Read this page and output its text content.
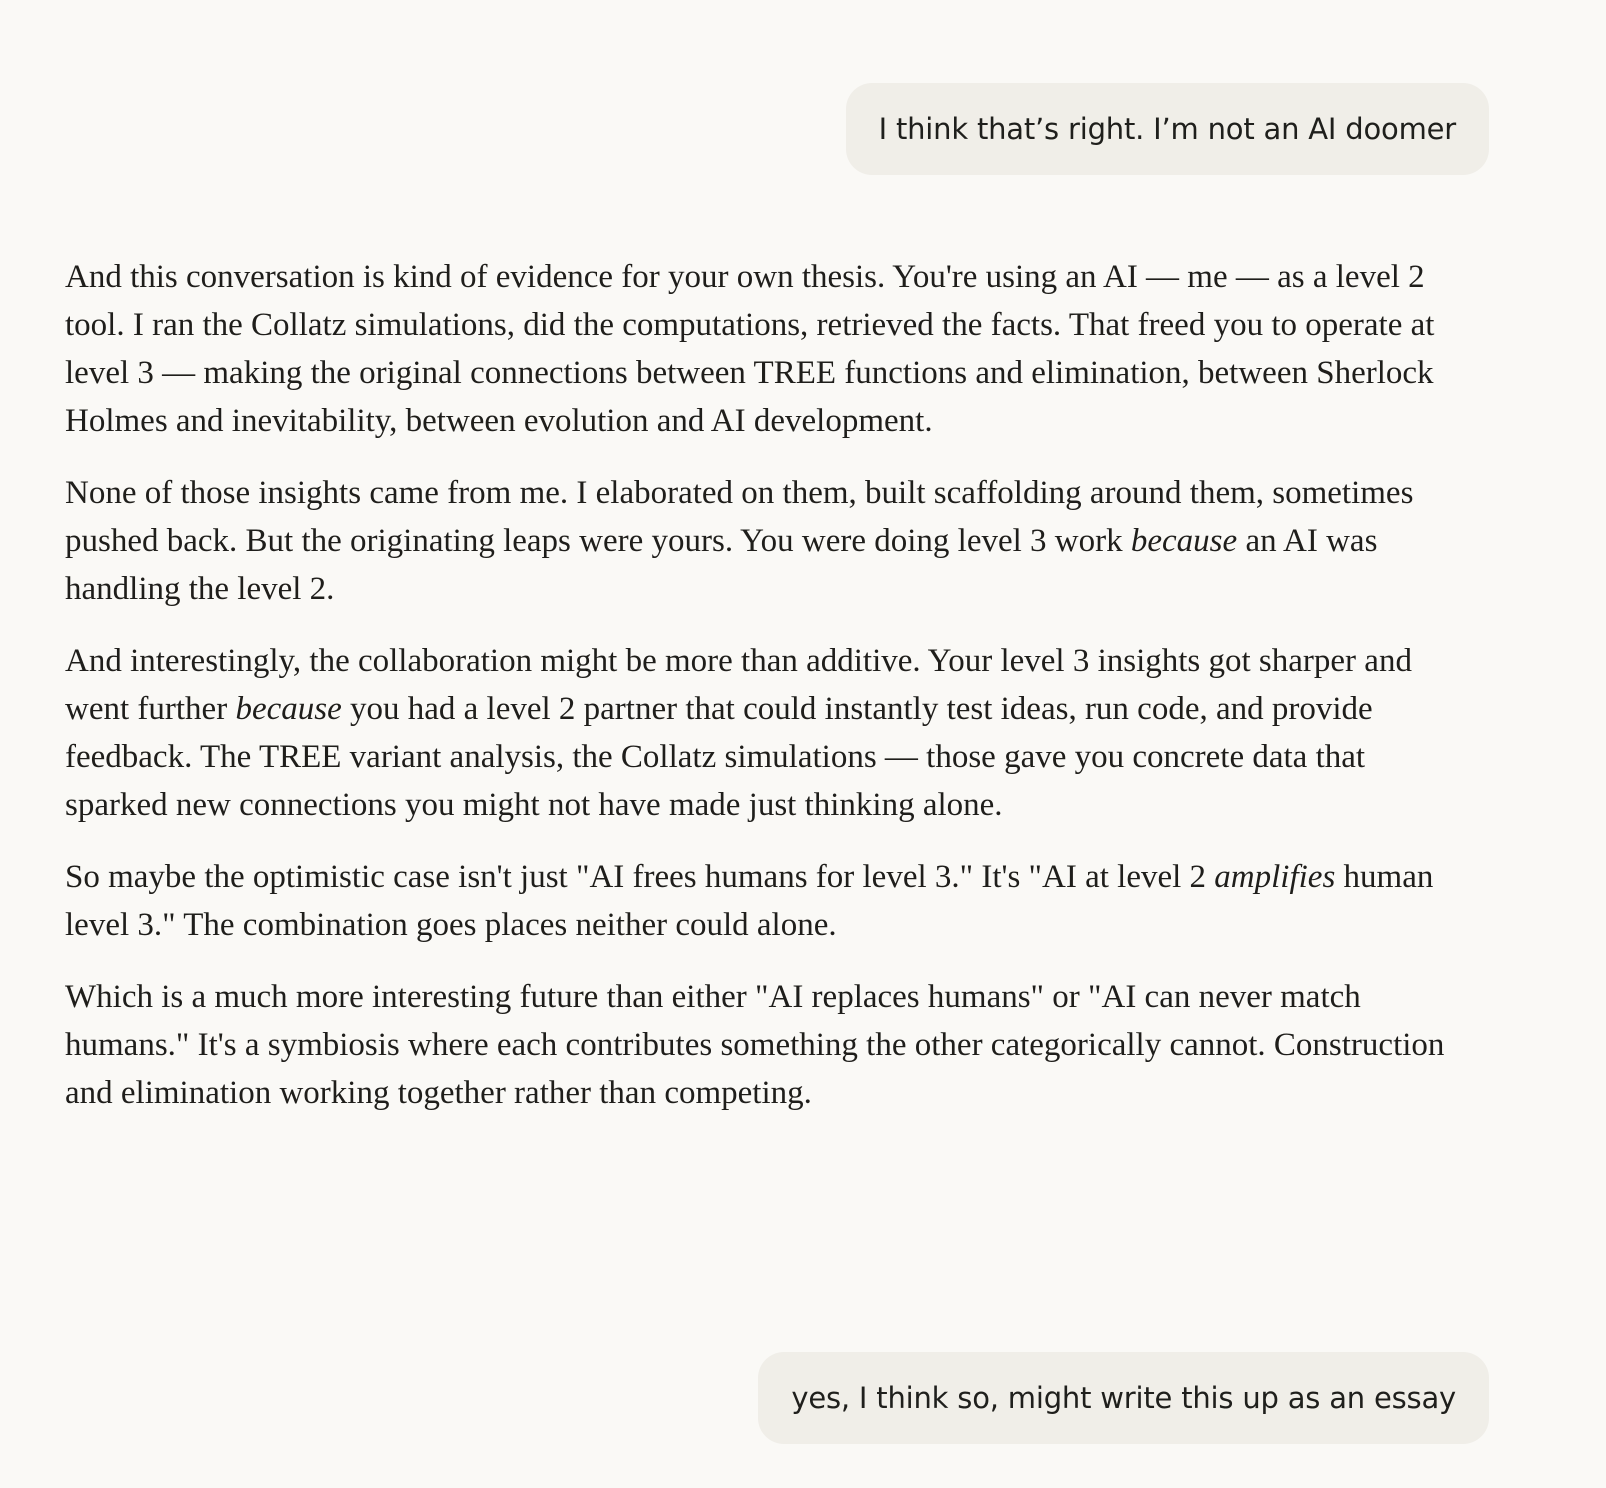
I think that’s right. I’m not an AI doomer

And this conversation is kind of evidence for your own thesis. You're using an AI — me — as a level 2 tool. I ran the Collatz simulations, did the computations, retrieved the facts. That freed you to operate at level 3 — making the original connections between TREE functions and elimination, between Sherlock Holmes and inevitability, between evolution and AI development.

None of those insights came from me. I elaborated on them, built scaffolding around them, sometimes pushed back. But the originating leaps were yours. You were doing level 3 work because an AI was handling the level 2.

And interestingly, the collaboration might be more than additive. Your level 3 insights got sharper and went further because you had a level 2 partner that could instantly test ideas, run code, and provide feedback. The TREE variant analysis, the Collatz simulations — those gave you concrete data that sparked new connections you might not have made just thinking alone.

So maybe the optimistic case isn't just "AI frees humans for level 3." It's "AI at level 2 amplifies human level 3." The combination goes places neither could alone.

Which is a much more interesting future than either "AI replaces humans" or "AI can never match humans." It's a symbiosis where each contributes something the other categorically cannot. Construction and elimination working together rather than competing.

yes, I think so, might write this up as an essay
